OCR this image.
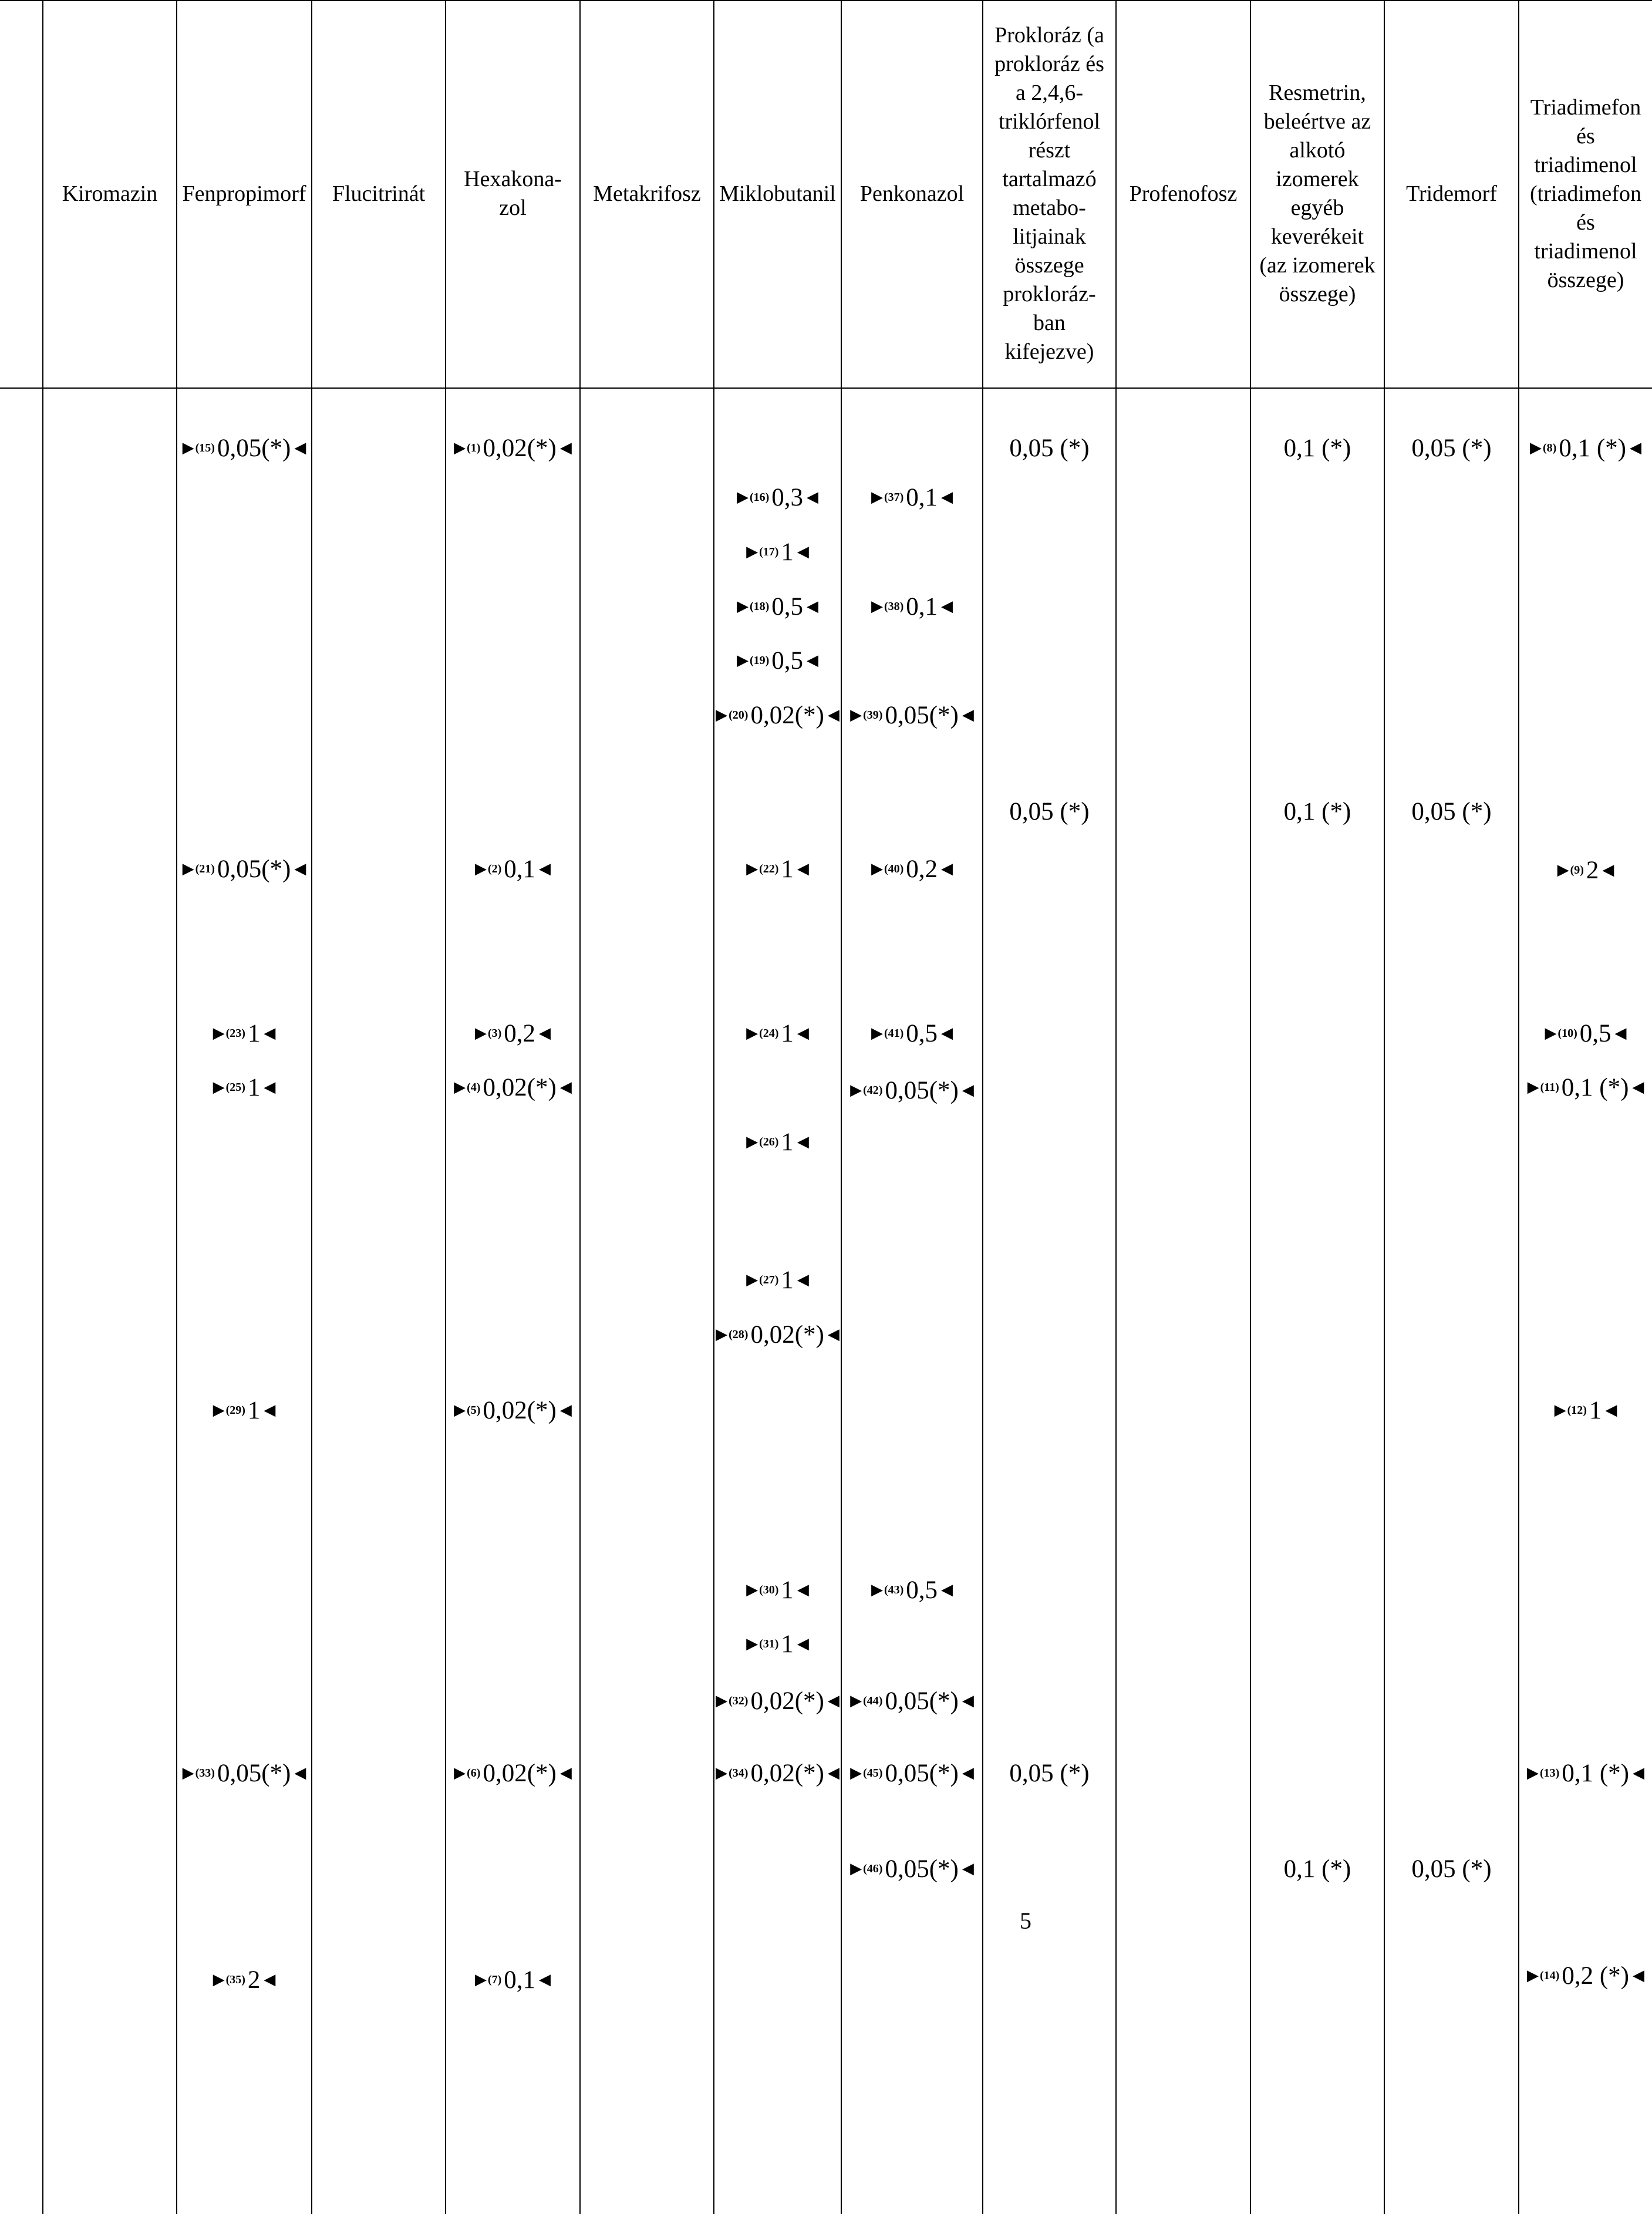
Kiromazin Fenpropimorf Flucitrinát
Hexakona-
zol
Metakrifosz Miklobutanil Penkonazol
Prokloráz (a
prokloráz és
a 2,4,6-
triklórfenol
részt
tartalmazó
metabo-
litjainak
összege
prokloráz-
ban
kifejezve)
Profenofosz
Resmetrin,
beleértve az
alkotó
izomerek
egyéb
keverékeit
(az izomerek
összege)
Tridemorf
Triadimefon
és
triadimenol
(triadimefon
és
triadimenol
összege)
▶ (15) 0,05(*) ◀
▶ (21) 0,05(*) ◀
▶ (23) 1 ◀
▶ (25) 1 ◀
▶ (29) 1 ◀
▶ (33) 0,05(*) ◀
▶ (35) 2 ◀
▶ (1) 0,02(*) ◀
▶ (2) 0,1 ◀
▶ (3) 0,2 ◀
▶ (4) 0,02(*) ◀
▶ (5) 0,02(*) ◀
▶ (6) 0,02(*) ◀
▶ (7) 0,1 ◀
▶ (16) 0,3 ◀
▶ (17) 1 ◀
▶ (18) 0,5 ◀
▶ (19) 0,5 ◀
▶ (20) 0,02(*) ◀
▶ (22) 1 ◀
▶ (24) 1 ◀
▶ (26) 1 ◀
▶ (27) 1 ◀
▶ (28) 0,02(*) ◀
▶ (30) 1 ◀
▶ (31) 1 ◀
▶ (32) 0,02(*) ◀
▶ (34) 0,02(*) ◀
▶ (37) 0,1 ◀
▶ (38) 0,1 ◀
▶ (39) 0,05(*) ◀
▶ (40) 0,2 ◀
▶ (41) 0,5 ◀
▶ (42) 0,05(*) ◀
▶ (43) 0,5 ◀
▶ (44) 0,05(*) ◀
▶ (45) 0,05(*) ◀
▶ (46) 0,05(*) ◀
0,05 (*)
0,05 (*)
0,05 (*)
0,1 (*)
0,1 (*)
0,1 (*)
0,05 (*)
0,05 (*)
0,05 (*)
▶ (8) 0,1 (*) ◀
▶ (9) 2 ◀
▶ (10) 0,5 ◀
▶ (11) 0,1 (*) ◀
▶ (12) 1 ◀
▶ (13) 0,1 (*) ◀
▶ (14) 0,2 (*) ◀
5
